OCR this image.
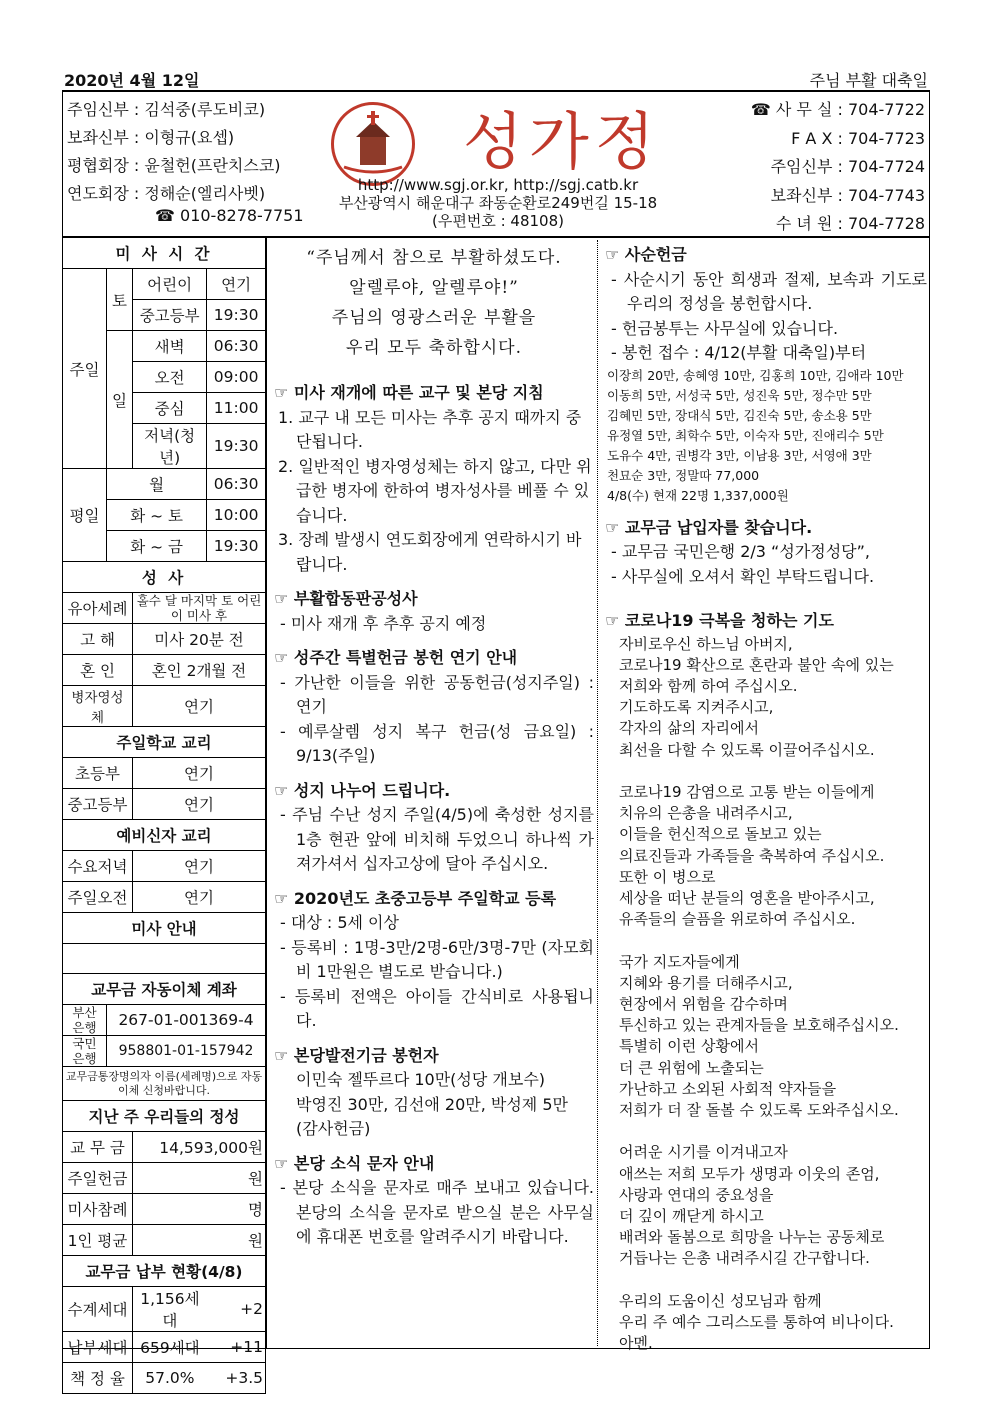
2020년 4월 12일	주님 부활 대축일
주임신부 : 김석중(루도비코)
보좌신부 : 이형규(요셉)
평협회장 : 윤철헌(프란치스코)
연도회장 : 정해순(엘리사벳)
☎ 010-8278-7751
성가정
http://www.sgj.or.kr, http://sgj.catb.kr
부산광역시 해운대구 좌동순환로249번길 15-18
(우편번호 : 48108)
☎ 사 무 실 : 704-7722
F A X : 704-7723
주임신부 : 704-7724
보좌신부 : 704-7743
수 녀 원 : 704-7728
미 사 시 간			
주일	토	어린이	연기
		중고등부	19:30
	일	새벽	06:30
		오전	09:00
		중심	11:00
		저녁(청년)	19:30
평일	월		06:30
	화 ~ 토		10:00
	화 ~ 금		19:30
성 사			
유아세례		홀수 달 마지막 토 어린이 미사 후	
고 해		미사 20분 전	
혼 인		혼인 2개월 전	
병자영성체		연기	
주일학교 교리			
초등부		연기	
중고등부		연기	
예비신자 교리			
수요저녁		연기	
주일오전		연기	
미사 안내			

교무금 자동이체 계좌			
부산 은행	267-01-001369-4		
국민 은행	958801-01-157942		
교무금통장명의자 이름(세례명)으로 자동이체 신청바랍니다.			
지난 주 우리들의 정성			
교 무 금		14,593,000원	
주일헌금		원	
미사참례		명	
1인 평균		원	
교무금 납부 현황(4/8)			
수계세대		1,156세대	+2
납부세대		659세대	+11
책 정 율		57.0%	+3.5
“주님께서 참으로 부활하셨도다.
알렐루야, 알렐루야!”
주님의 영광스러운 부활을
우리 모두 축하합시다.
☞ 미사 재개에 따른 교구 및 본당 지침
1. 교구 내 모든 미사는 추후 공지 때까지 중단됩니다.
2. 일반적인 병자영성체는 하지 않고, 다만 위급한 병자에 한하여 병자성사를 베풀 수 있습니다.
3. 장례 발생시 연도회장에게 연락하시기 바랍니다.
☞ 부활합동판공성사
- 미사 재개 후 추후 공지 예정
☞ 성주간 특별헌금 봉헌 연기 안내
- 가난한 이들을 위한 공동헌금(성지주일) : 연기
- 예루살렘 성지 복구 헌금(성 금요일) : 9/13(주일)
☞ 성지 나누어 드립니다.
- 주님 수난 성지 주일(4/5)에 축성한 성지를 1층 현관 앞에 비치해 두었으니 하나씩 가져가셔서 십자고상에 달아 주십시오.
☞ 2020년도 초중고등부 주일학교 등록
- 대상 : 5세 이상
- 등록비 : 1명-3만/2명-6만/3명-7만 (자모회비 1만원은 별도로 받습니다.)
- 등록비 전액은 아이들 간식비로 사용됩니다.
☞ 본당발전기금 봉헌자
이민숙 젤뚜르다 10만(성당 개보수)
박영진 30만, 김선애 20만, 박성제 5만 (감사헌금)
☞ 본당 소식 문자 안내
- 본당 소식을 문자로 매주 보내고 있습니다. 본당의 소식을 문자로 받으실 분은 사무실에 휴대폰 번호를 알려주시기 바랍니다.
☞ 사순헌금
- 사순시기 동안 희생과 절제, 보속과 기도로 우리의 정성을 봉헌합시다.
- 헌금봉투는 사무실에 있습니다.
- 봉헌 접수 : 4/12(부활 대축일)부터
이장희 20만, 송혜영 10만, 김홍희 10만, 김애라 10만
이동희 5만, 서성국 5만, 성진욱 5만, 정수만 5만
김혜민 5만, 장대식 5만, 김진숙 5만, 송소용 5만
유정열 5만, 최학수 5만, 이숙자 5만, 진애리수 5만
도유수 4만, 권병각 3만, 이남용 3만, 서영애 3만
천묘순 3만, 정말따 77,000
4/8(수) 현재 22명 1,337,000원
☞ 교무금 납입자를 찾습니다.
- 교무금 국민은행 2/3 “성가정성당”,
- 사무실에 오셔서 확인 부탁드립니다.
☞ 코로나19 극복을 청하는 기도
자비로우신 하느님 아버지,
코로나19 확산으로 혼란과 불안 속에 있는
저희와 함께 하여 주십시오.
기도하도록 지켜주시고,
각자의 삶의 자리에서
최선을 다할 수 있도록 이끌어주십시오.

코로나19 감염으로 고통 받는 이들에게
치유의 은총을 내려주시고,
이들을 헌신적으로 돌보고 있는
의료진들과 가족들을 축복하여 주십시오.
또한 이 병으로
세상을 떠난 분들의 영혼을 받아주시고,
유족들의 슬픔을 위로하여 주십시오.

국가 지도자들에게
지혜와 용기를 더해주시고,
현장에서 위험을 감수하며
투신하고 있는 관계자들을 보호해주십시오.
특별히 이런 상황에서
더 큰 위험에 노출되는
가난하고 소외된 사회적 약자들을
저희가 더 잘 돌볼 수 있도록 도와주십시오.

어려운 시기를 이겨내고자
애쓰는 저희 모두가 생명과 이웃의 존엄,
사랑과 연대의 중요성을
더 깊이 깨닫게 하시고
배려와 돌봄으로 희망을 나누는 공동체로
거듭나는 은총 내려주시길 간구합니다.

우리의 도움이신 성모님과 함께
우리 주 예수 그리스도를 통하여 비나이다.
아멘.
